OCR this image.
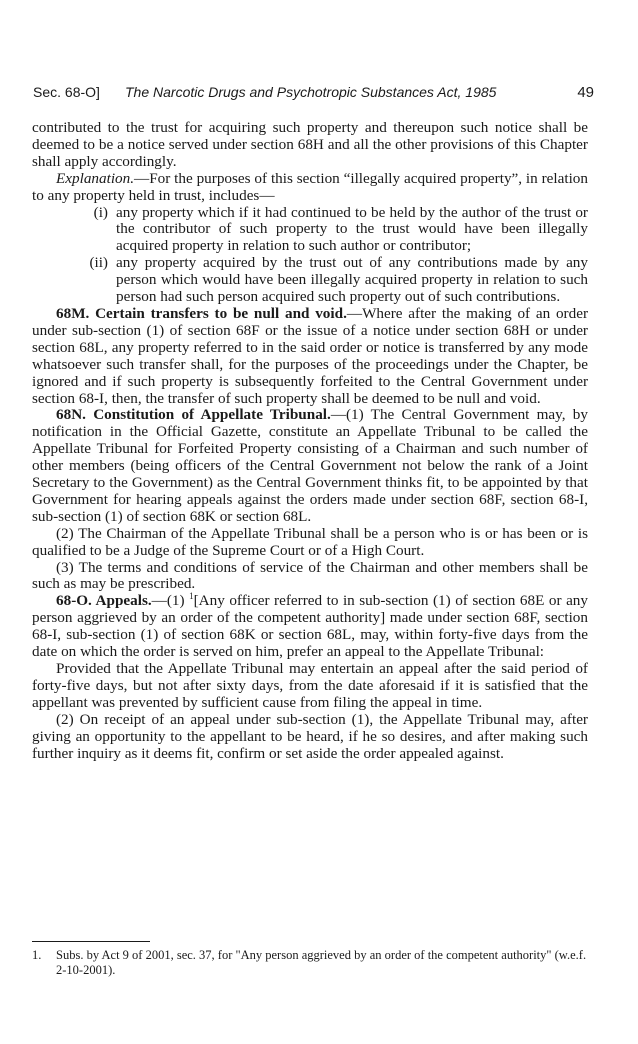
Sec. 68-O]	The Narcotic Drugs and Psychotropic Substances Act, 1985	49

contributed to the trust for acquiring such property and thereupon such notice shall be deemed to be a notice served under section 68H and all the other provisions of this Chapter shall apply accordingly.

Explanation.—For the purposes of this section “illegally acquired property”, in relation to any property held in trust, includes—

(i) any property which if it had continued to be held by the author of the trust or the contributor of such property to the trust would have been illegally acquired property in relation to such author or contributor;
(ii) any property acquired by the trust out of any contributions made by any person which would have been illegally acquired property in relation to such person had such person acquired such property out of such contributions.

68M. Certain transfers to be null and void.—Where after the making of an order under sub-section (1) of section 68F or the issue of a notice under section 68H or under section 68L, any property referred to in the said order or notice is transferred by any mode whatsoever such transfer shall, for the purposes of the proceedings under the Chapter, be ignored and if such property is subsequently forfeited to the Central Government under section 68-I, then, the transfer of such property shall be deemed to be null and void.

68N. Constitution of Appellate Tribunal.—(1) The Central Government may, by notification in the Official Gazette, constitute an Appellate Tribunal to be called the Appellate Tribunal for Forfeited Property consisting of a Chairman and such number of other members (being officers of the Central Government not below the rank of a Joint Secretary to the Government) as the Central Government thinks fit, to be appointed by that Government for hearing appeals against the orders made under section 68F, section 68-I, sub-section (1) of section 68K or section 68L.

(2) The Chairman of the Appellate Tribunal shall be a person who is or has been or is qualified to be a Judge of the Supreme Court or of a High Court.

(3) The terms and conditions of service of the Chairman and other members shall be such as may be prescribed.

68-O. Appeals.—(1) $^1$[Any officer referred to in sub-section (1) of section 68E or any person aggrieved by an order of the competent authority] made under section 68F, section 68-I, sub-section (1) of section 68K or section 68L, may, within forty-five days from the date on which the order is served on him, prefer an appeal to the Appellate Tribunal:

Provided that the Appellate Tribunal may entertain an appeal after the said period of forty-five days, but not after sixty days, from the date aforesaid if it is satisfied that the appellant was prevented by sufficient cause from filing the appeal in time.

(2) On receipt of an appeal under sub-section (1), the Appellate Tribunal may, after giving an opportunity to the appellant to be heard, if he so desires, and after making such further inquiry as it deems fit, confirm or set aside the order appealed against.

1.	Subs. by Act 9 of 2001, sec. 37, for "Any person aggrieved by an order of the competent authority" (w.e.f. 2-10-2001).
